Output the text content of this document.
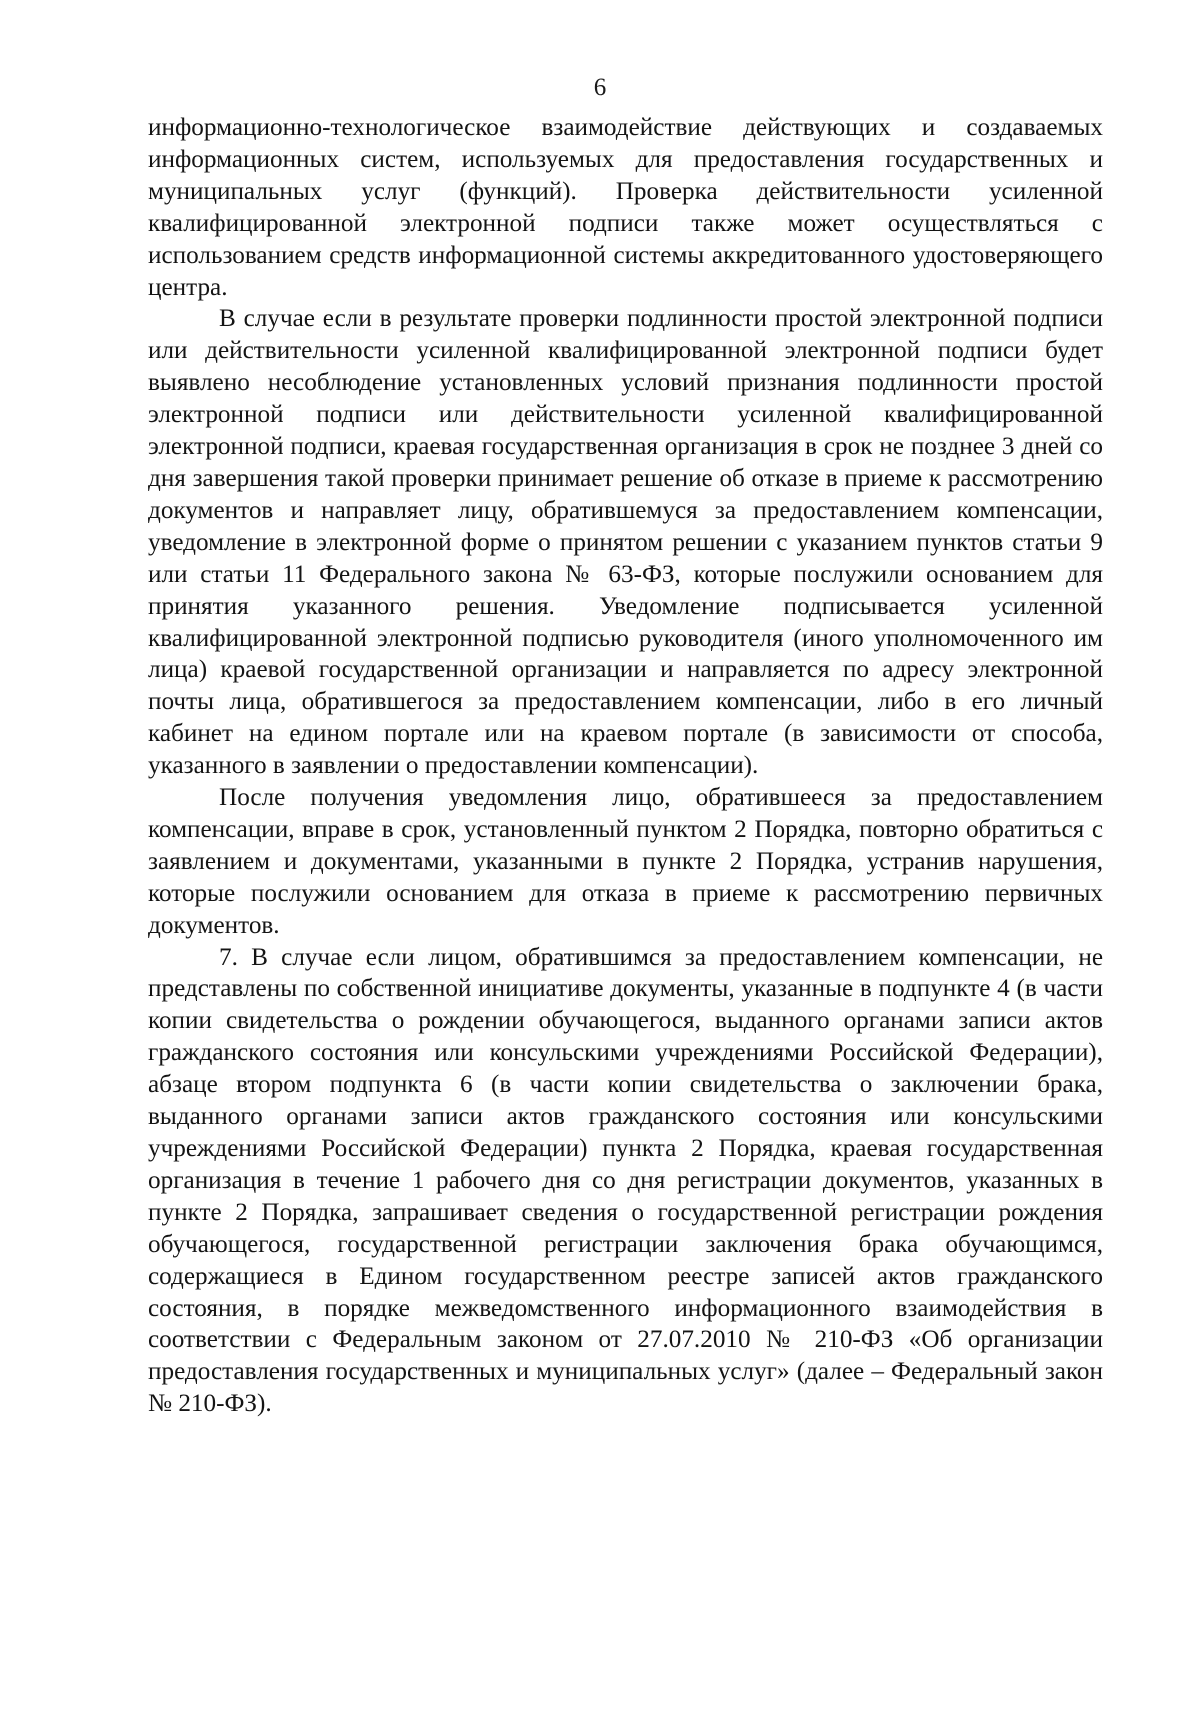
6

информационно-технологическое взаимодействие действующих и создаваемых информационных систем, используемых для предоставления государственных и муниципальных услуг (функций). Проверка действительности усиленной квалифицированной электронной подписи также может осуществляться с использованием средств информационной системы аккредитованного удостоверяющего центра.

В случае если в результате проверки подлинности простой электронной подписи или действительности усиленной квалифицированной электронной подписи будет выявлено несоблюдение установленных условий признания подлинности простой электронной подписи или действительности усиленной квалифицированной электронной подписи, краевая государственная организация в срок не позднее 3 дней со дня завершения такой проверки принимает решение об отказе в приеме к рассмотрению документов и направляет лицу, обратившемуся за предоставлением компенсации, уведомление в электронной форме о принятом решении с указанием пунктов статьи 9 или статьи 11 Федерального закона № 63-ФЗ, которые послужили основанием для принятия указанного решения. Уведомление подписывается усиленной квалифицированной электронной подписью руководителя (иного уполномоченного им лица) краевой государственной организации и направляется по адресу электронной почты лица, обратившегося за предоставлением компенсации, либо в его личный кабинет на едином портале или на краевом портале (в зависимости от способа, указанного в заявлении о предоставлении компенсации).

После получения уведомления лицо, обратившееся за предоставлением компенсации, вправе в срок, установленный пунктом 2 Порядка, повторно обратиться с заявлением и документами, указанными в пункте 2 Порядка, устранив нарушения, которые послужили основанием для отказа в приеме к рассмотрению первичных документов.

7. В случае если лицом, обратившимся за предоставлением компенсации, не представлены по собственной инициативе документы, указанные в подпункте 4 (в части копии свидетельства о рождении обучающегося, выданного органами записи актов гражданского состояния или консульскими учреждениями Российской Федерации), абзаце втором подпункта 6 (в части копии свидетельства о заключении брака, выданного органами записи актов гражданского состояния или консульскими учреждениями Российской Федерации) пункта 2 Порядка, краевая государственная организация в течение 1 рабочего дня со дня регистрации документов, указанных в пункте 2 Порядка, запрашивает сведения о государственной регистрации рождения обучающегося, государственной регистрации заключения брака обучающимся, содержащиеся в Едином государственном реестре записей актов гражданского состояния, в порядке межведомственного информационного взаимодействия в соответствии с Федеральным законом от 27.07.2010 № 210-ФЗ «Об организации предоставления государственных и муниципальных услуг» (далее – Федеральный закон № 210-ФЗ).
